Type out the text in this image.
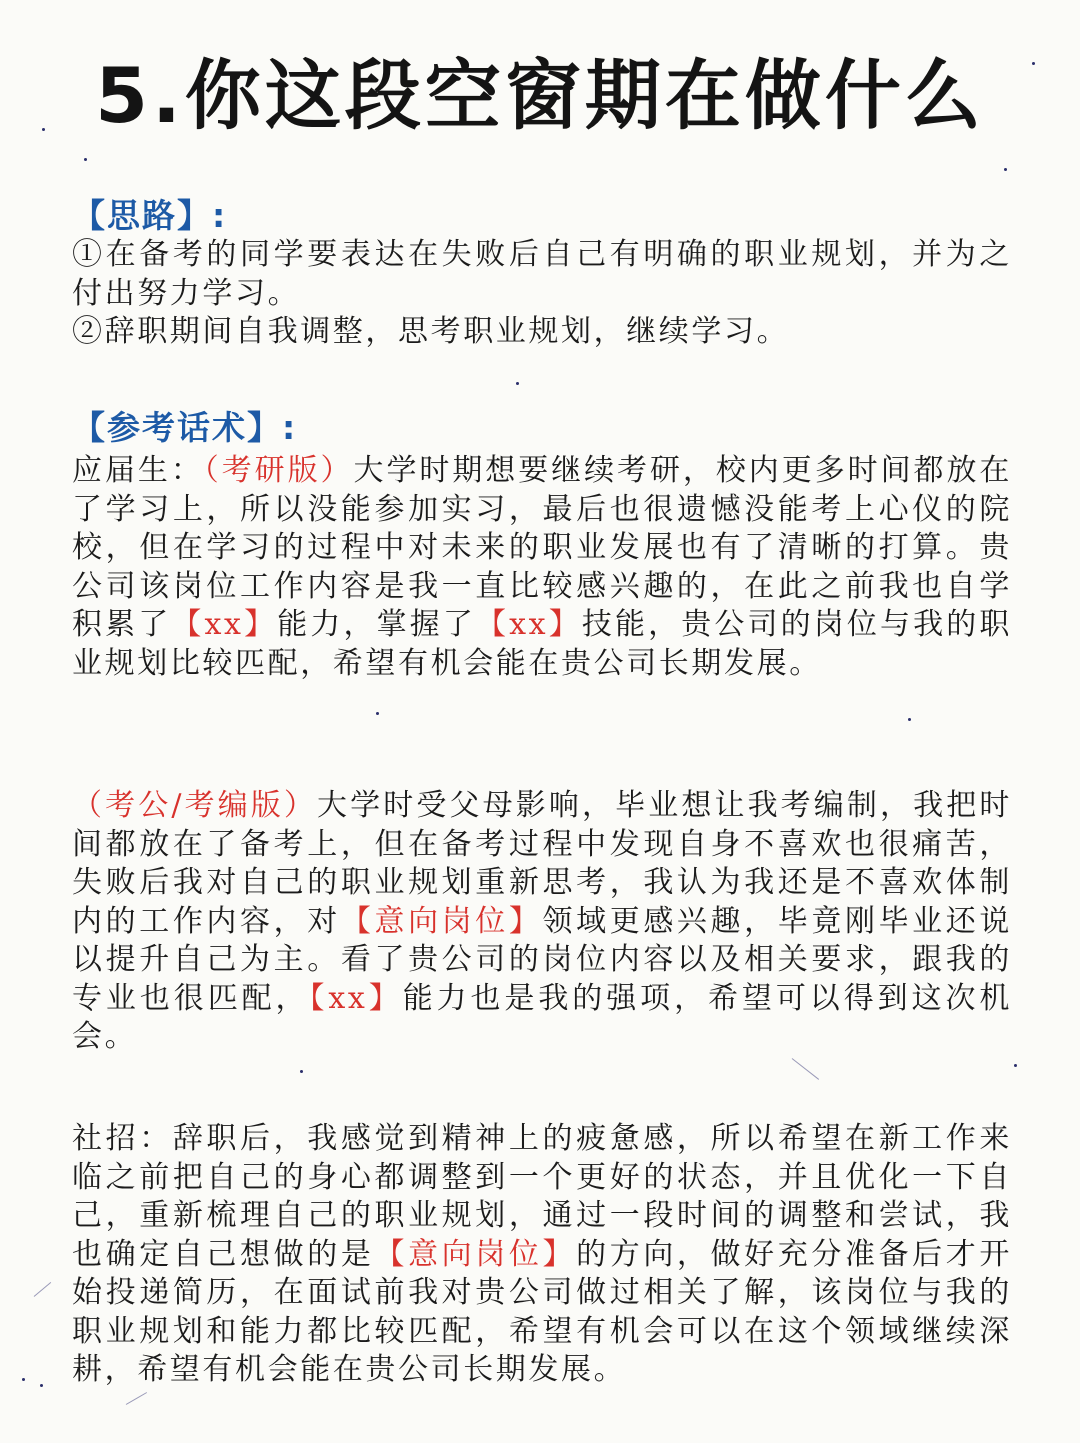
5.你这段空窗期在做什么
【思路】:
①在备考的同学要表达在失败后自己有明确的职业规划，并为之付出努力学习。
②辞职期间自我调整，思考职业规划，继续学习。
【参考话术】:
应届生：（考研版）大学时期想要继续考研，校内更多时间都放在了学习上，所以没能参加实习，最后也很遗憾没能考上心仪的院校，但在学习的过程中对未来的职业发展也有了清晰的打算。贵公司该岗位工作内容是我一直比较感兴趣的，在此之前我也自学积累了【xx】能力，掌握了【xx】技能，贵公司的岗位与我的职业规划比较匹配，希望有机会能在贵公司长期发展。
（考公/考编版）大学时受父母影响，毕业想让我考编制，我把时间都放在了备考上，但在备考过程中发现自身不喜欢也很痛苦，失败后我对自己的职业规划重新思考，我认为我还是不喜欢体制内的工作内容，对【意向岗位】领域更感兴趣，毕竟刚毕业还说以提升自己为主。看了贵公司的岗位内容以及相关要求，跟我的专业也很匹配，【xx】能力也是我的强项，希望可以得到这次机会。
社招：辞职后，我感觉到精神上的疲惫感，所以希望在新工作来临之前把自己的身心都调整到一个更好的状态，并且优化一下自己，重新梳理自己的职业规划，通过一段时间的调整和尝试，我也确定自己想做的是【意向岗位】的方向，做好充分准备后才开始投递简历，在面试前我对贵公司做过相关了解，该岗位与我的职业规划和能力都比较匹配，希望有机会可以在这个领域继续深耕，希望有机会能在贵公司长期发展。
